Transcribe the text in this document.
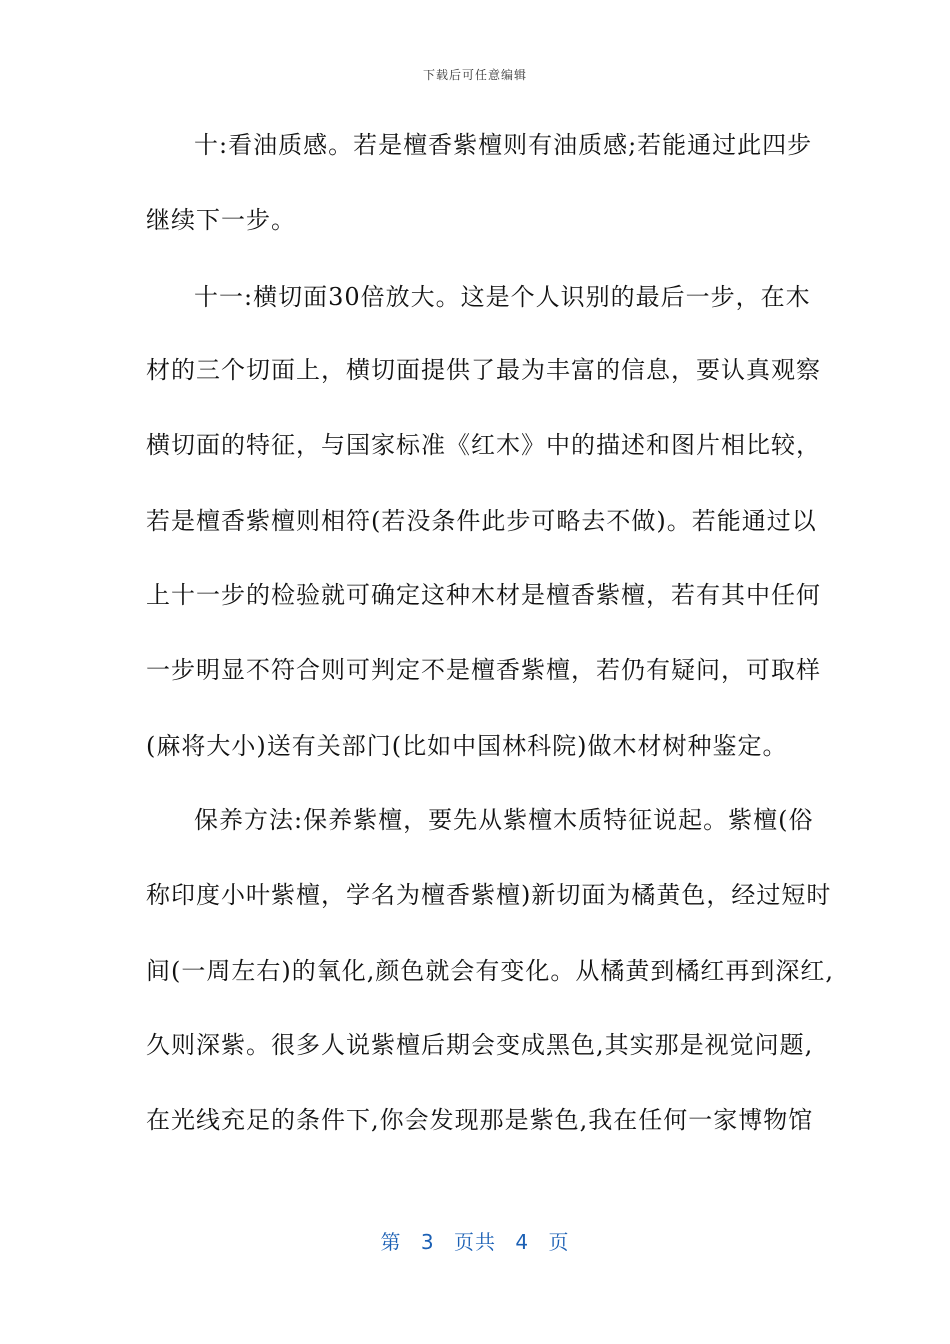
下载后可任意编辑
十:看油质感。若是檀香紫檀则有油质感;若能通过此四步
继续下一步。
十一:横切面30倍放大。这是个人识别的最后一步，在木
材的三个切面上，横切面提供了最为丰富的信息，要认真观察
横切面的特征，与国家标准《红木》中的描述和图片相比较，
若是檀香紫檀则相符(若没条件此步可略去不做)。若能通过以
上十一步的检验就可确定这种木材是檀香紫檀，若有其中任何
一步明显不符合则可判定不是檀香紫檀，若仍有疑问，可取样
(麻将大小)送有关部门(比如中国林科院)做木材树种鉴定。
保养方法:保养紫檀，要先从紫檀木质特征说起。紫檀(俗
称印度小叶紫檀，学名为檀香紫檀)新切面为橘黄色，经过短时
间(一周左右)的氧化,颜色就会有变化。从橘黄到橘红再到深红,
久则深紫。很多人说紫檀后期会变成黑色,其实那是视觉问题,
在光线充足的条件下,你会发现那是紫色,我在任何一家博物馆
第 3 页共 4 页
